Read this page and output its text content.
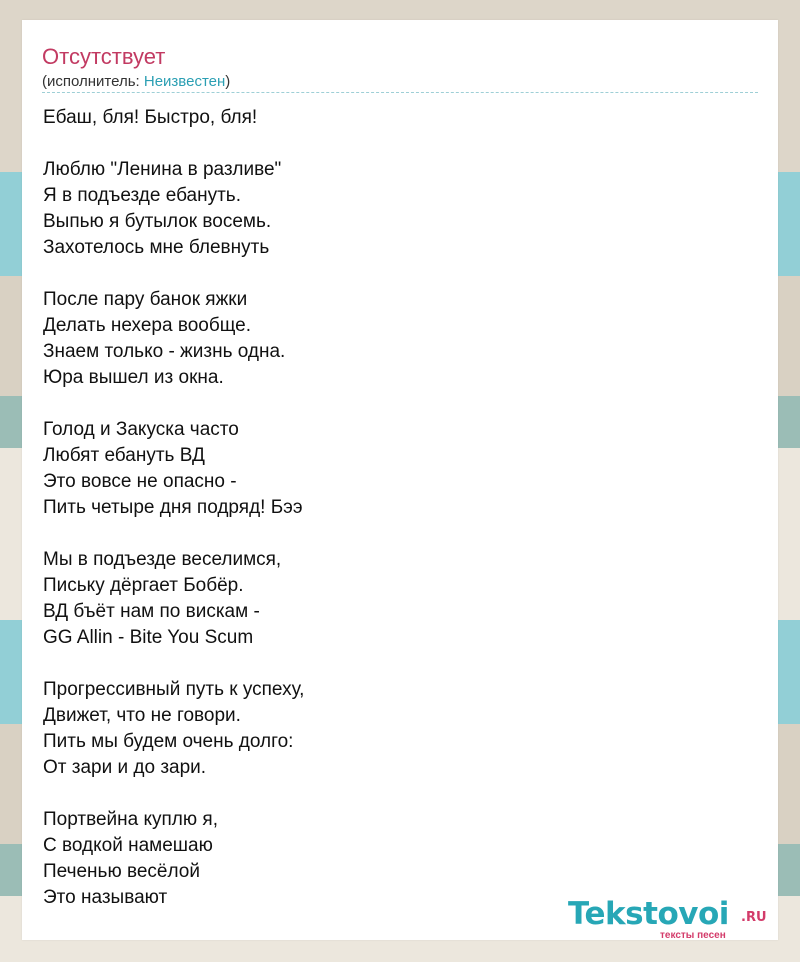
Отсутствует
(исполнитель: Неизвестен)
Ебаш, бля! Быстро, бля!
Люблю "Ленина в разливе"
Я в подъезде ебануть.
Выпью я бутылок восемь.
Захотелось мне блевнуть
После пару банок яжки
Делать нехера вообще.
Знаем только - жизнь одна.
Юра вышел из окна.
Голод и Закуска часто
Любят ебануть ВД
Это вовсе не опасно -
Пить четыре дня подряд! Бээ
Мы в подъезде веселимся,
Письку дёргает Бобёр.
ВД бъёт нам по вискам -
GG Allin - Bite You Scum
Прогрессивный путь к успеху,
Движет, что не говори.
Пить мы будем очень долго:
От зари и до зари.
Портвейна куплю я,
С водкой намешаю
Печенью весёлой
Это называют	Tekstovoi .RU
тексты песен
